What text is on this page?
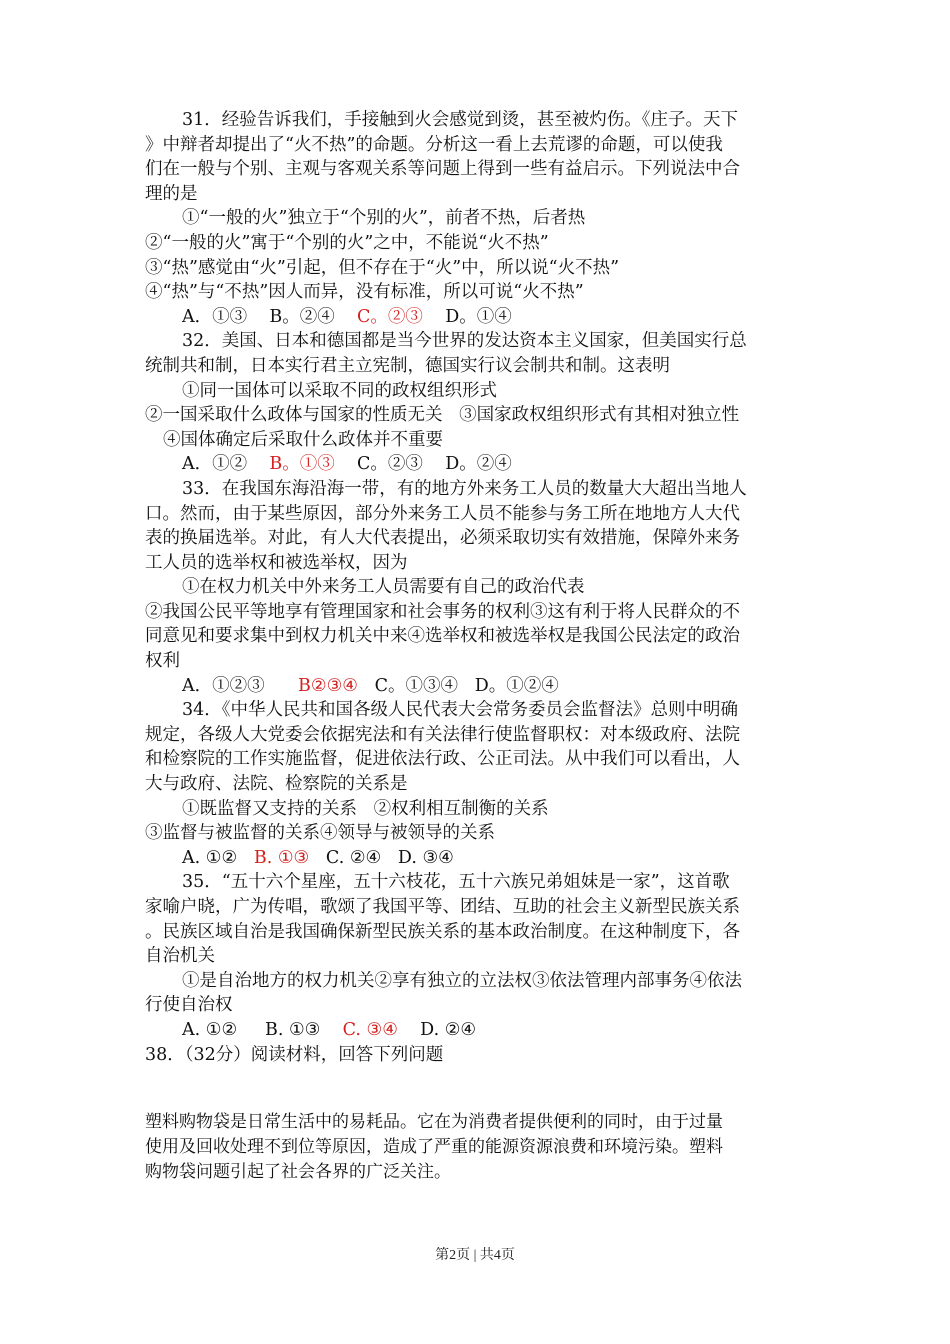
31．经验告诉我们，手接触到火会感觉到烫，甚至被灼伤。《庄子。天下
》中辩者却提出了“火不热”的命题。分析这一看上去荒谬的命题，可以使我
们在一般与个别、主观与客观关系等问题上得到一些有益启示。下列说法中合
理的是
①“一般的火”独立于“个别的火”，前者不热，后者热
②“一般的火”寓于“个别的火”之中，不能说“火不热”
③“热”感觉由“火”引起，但不存在于“火”中，所以说“火不热”
④“热”与“不热”因人而异，没有标准，所以可说“火不热”
A．①③ B。②④ C。②③ D。①④
32．美国、日本和德国都是当今世界的发达资本主义国家，但美国实行总
统制共和制，日本实行君主立宪制，德国实行议会制共和制。这表明
①同一国体可以采取不同的政权组织形式
②一国采取什么政体与国家的性质无关   ③国家政权组织形式有其相对独立性
④国体确定后采取什么政体并不重要
A．①② B。①③ C。②③ D。②④
33．在我国东海沿海一带，有的地方外来务工人员的数量大大超出当地人
口。然而，由于某些原因，部分外来务工人员不能参与务工所在地地方人大代
表的换届选举。对此，有人大代表提出，必须采取切实有效措施，保障外来务
工人员的选举权和被选举权，因为
①在权力机关中外来务工人员需要有自己的政治代表
②我国公民平等地享有管理国家和社会事务的权利③这有利于将人民群众的不
同意见和要求集中到权力机关中来④选举权和被选举权是我国公民法定的政治
权利
A．①②③ B②③④ C。①③④ D。①②④
34．《中华人民共和国各级人民代表大会常务委员会监督法》总则中明确
规定，各级人大党委会依据宪法和有关法律行使监督职权：对本级政府、法院
和检察院的工作实施监督，促进依法行政、公正司法。从中我们可以看出，人
大与政府、法院、检察院的关系是
①既监督又支持的关系   ②权利相互制衡的关系
③监督与被监督的关系④领导与被领导的关系
A. ①② B. ①③ C. ②④ D. ③④
35．“五十六个星座，五十六枝花，五十六族兄弟姐妹是一家”，这首歌
家喻户晓，广为传唱，歌颂了我国平等、团结、互助的社会主义新型民族关系
。民族区域自治是我国确保新型民族关系的基本政治制度。在这种制度下，各
自治机关
①是自治地方的权力机关②享有独立的立法权③依法管理内部事务④依法
行使自治权
A. ①② B. ①③ C. ③④ D. ②④
38．（32分）阅读材料，回答下列问题
塑料购物袋是日常生活中的易耗品。它在为消费者提供便利的同时，由于过量
使用及回收处理不到位等原因，造成了严重的能源资源浪费和环境污染。塑料
购物袋问题引起了社会各界的广泛关注。
第2页 | 共4页
